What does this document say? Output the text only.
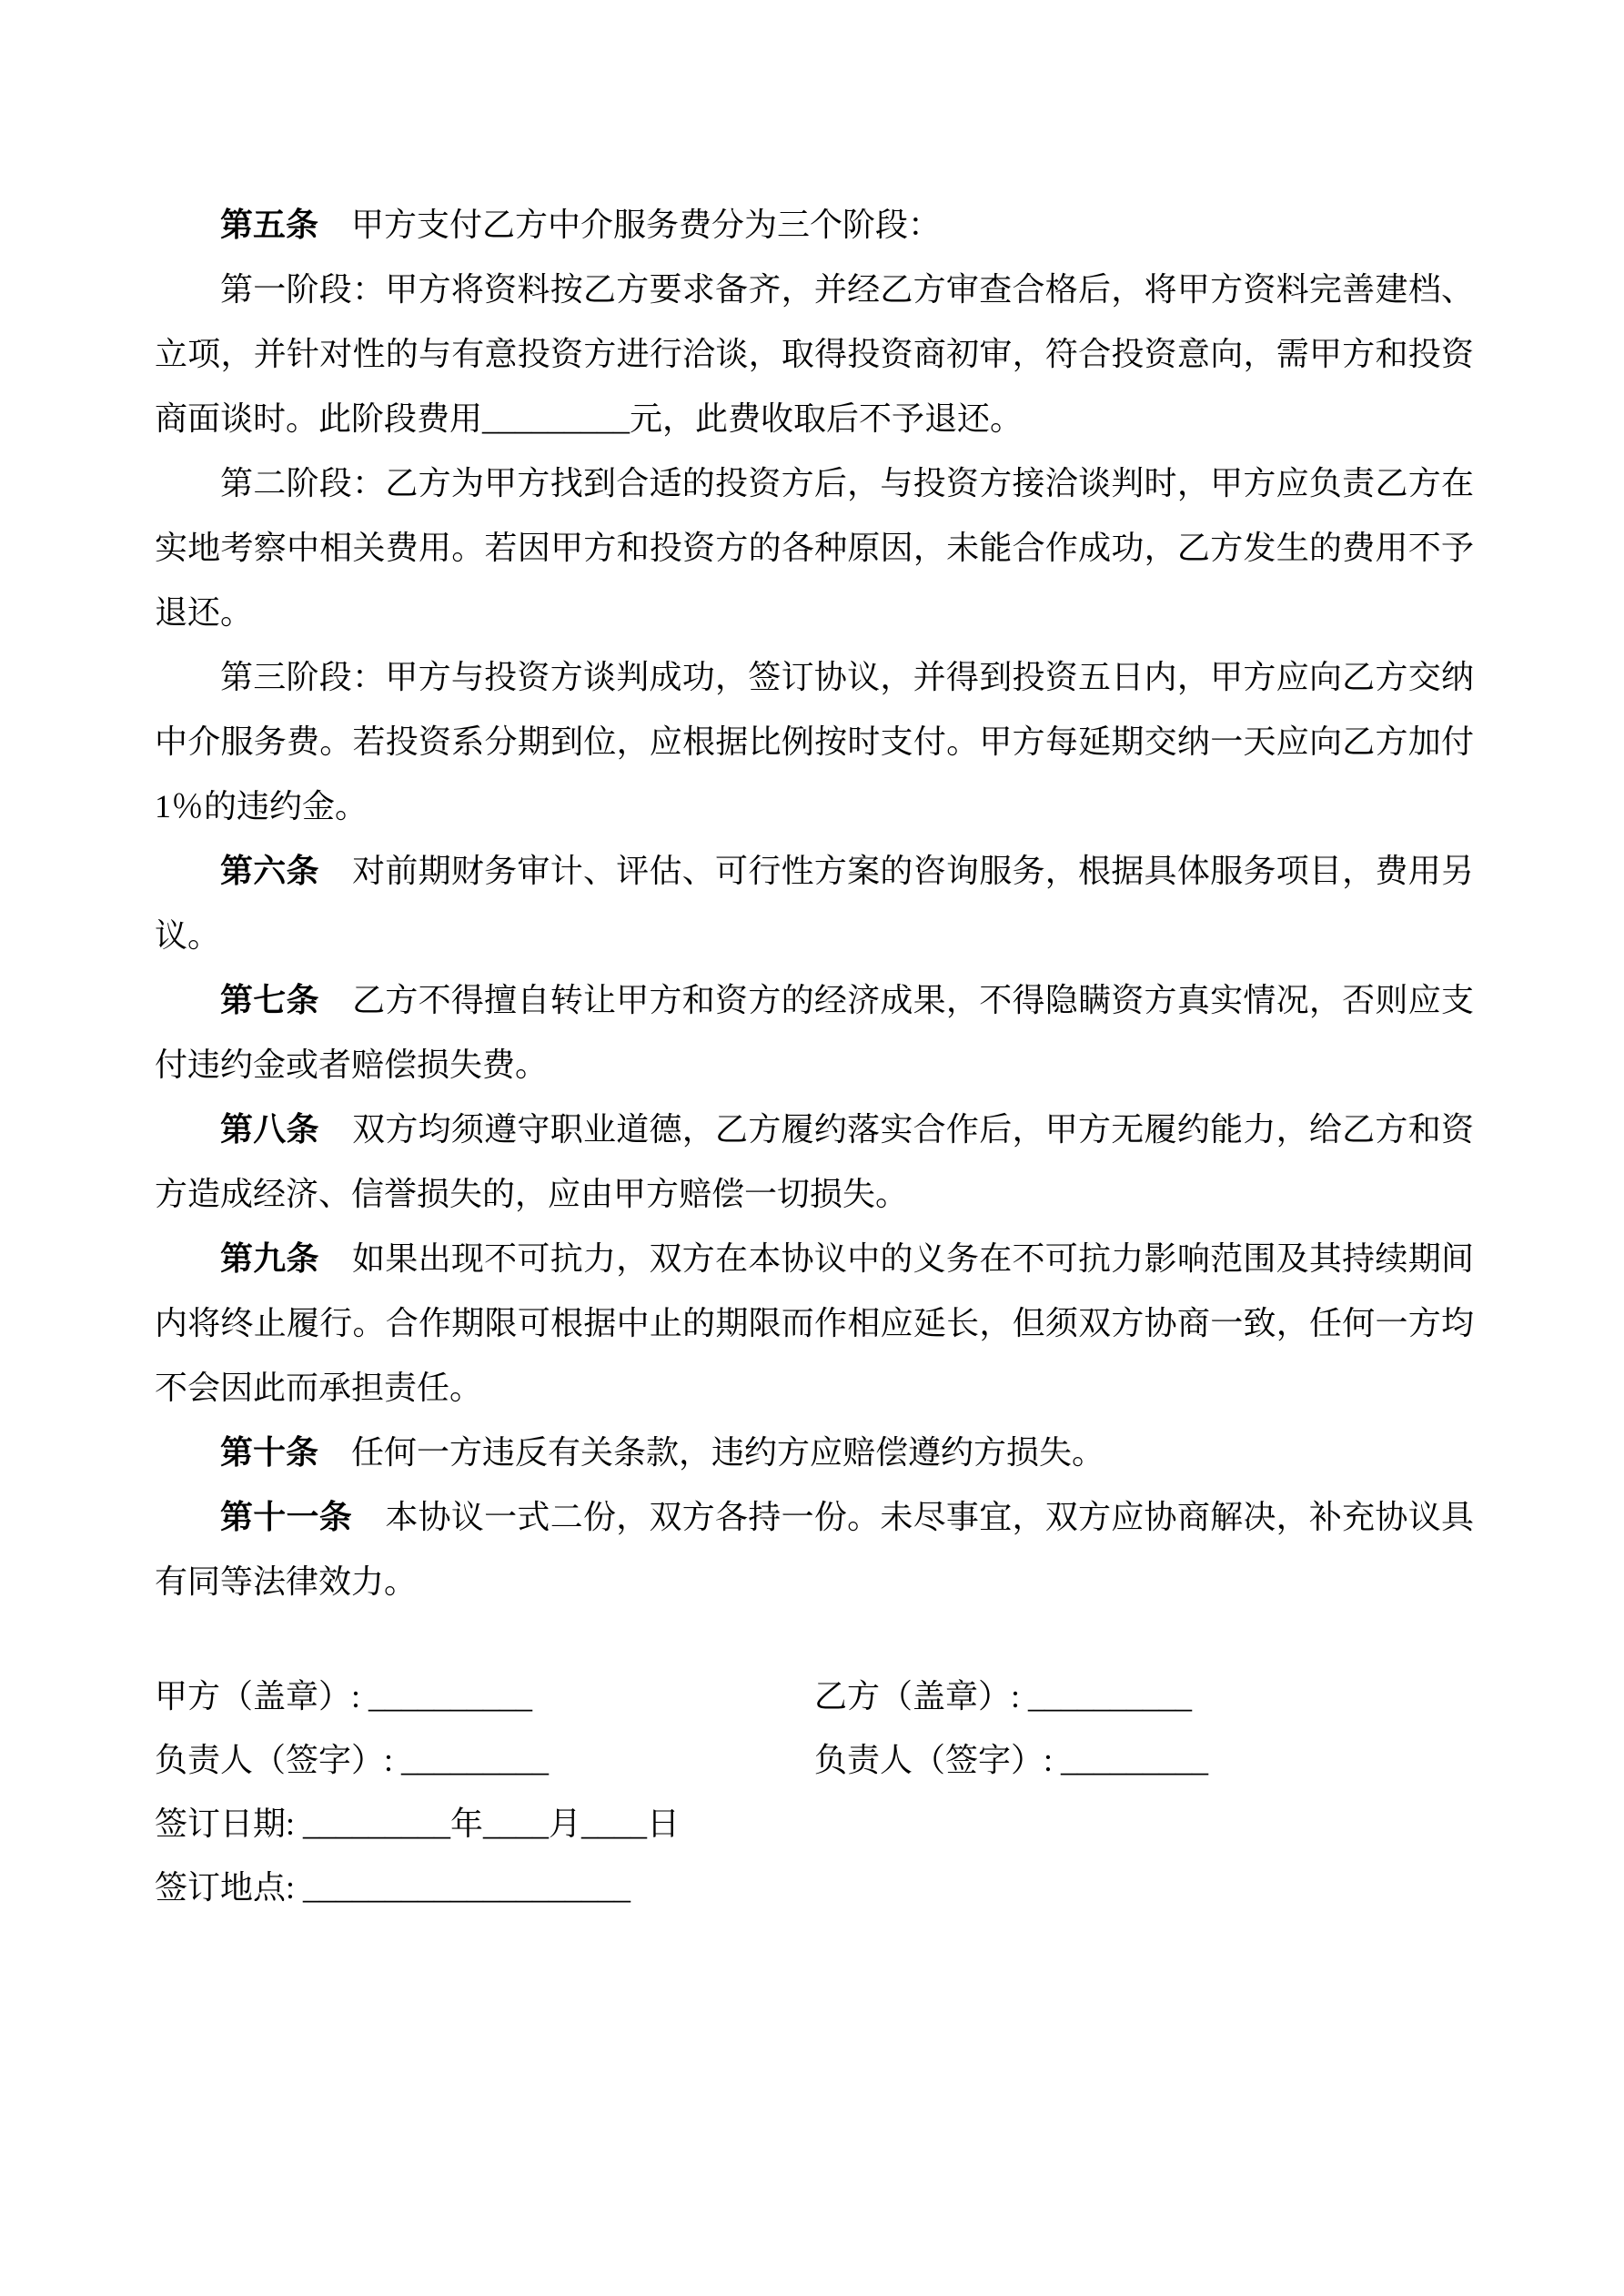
第五条　甲方支付乙方中介服务费分为三个阶段：

第一阶段：甲方将资料按乙方要求备齐，并经乙方审查合格后，将甲方资料完善建档、立项，并针对性的与有意投资方进行洽谈，取得投资商初审，符合投资意向，需甲方和投资商面谈时。此阶段费用_________元，此费收取后不予退还。

第二阶段：乙方为甲方找到合适的投资方后，与投资方接洽谈判时，甲方应负责乙方在实地考察中相关费用。若因甲方和投资方的各种原因，未能合作成功，乙方发生的费用不予退还。

第三阶段：甲方与投资方谈判成功，签订协议，并得到投资五日内，甲方应向乙方交纳中介服务费。若投资系分期到位，应根据比例按时支付。甲方每延期交纳一天应向乙方加付1％的违约金。

第六条　对前期财务审计、评估、可行性方案的咨询服务，根据具体服务项目，费用另议。

第七条　乙方不得擅自转让甲方和资方的经济成果，不得隐瞒资方真实情况，否则应支付违约金或者赔偿损失费。

第八条　双方均须遵守职业道德，乙方履约落实合作后，甲方无履约能力，给乙方和资方造成经济、信誉损失的，应由甲方赔偿一切损失。

第九条　如果出现不可抗力，双方在本协议中的义务在不可抗力影响范围及其持续期间内将终止履行。合作期限可根据中止的期限而作相应延长，但须双方协商一致，任何一方均不会因此而承担责任。

第十条　任何一方违反有关条款，违约方应赔偿遵约方损失。

第十一条　本协议一式二份，双方各持一份。未尽事宜，双方应协商解决，补充协议具有同等法律效力。

甲方（盖章）: __________	乙方（盖章）: __________
负责人（签字）: _________	负责人（签字）: _________
签订日期: _________年____月____日
签订地点: ____________________
